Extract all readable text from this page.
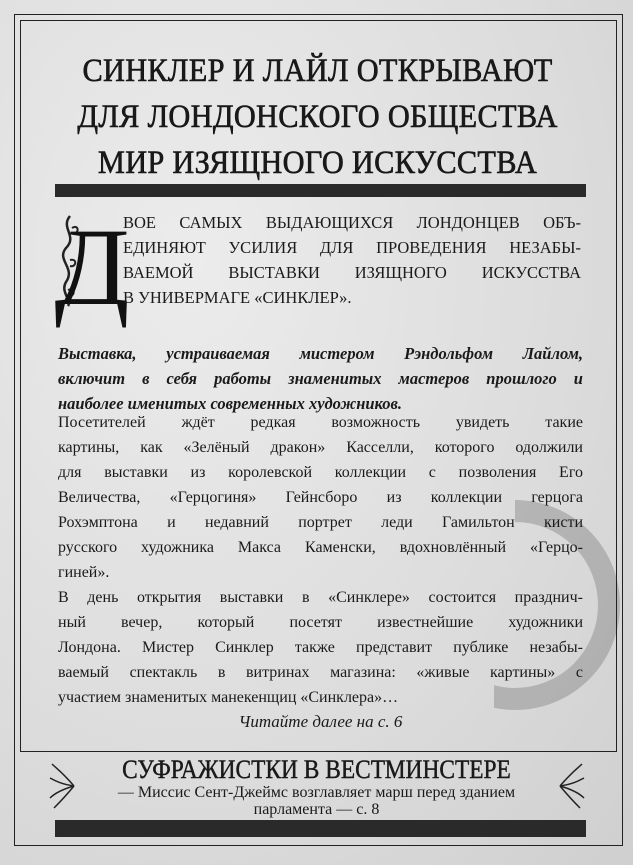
СИНКЛЕР И ЛАЙЛ ОТКРЫВАЮТ
ДЛЯ ЛОНДОНСКОГО ОБЩЕСТВА
МИР ИЗЯЩНОГО ИСКУССТВА
Д
ВОЕ САМЫХ ВЫДАЮЩИХСЯ ЛОНДОНЦЕВ ОБЪ-
ЕДИНЯЮТ УСИЛИЯ ДЛЯ ПРОВЕДЕНИЯ НЕЗАБЫ-
ВАЕМОЙ ВЫСТАВКИ ИЗЯЩНОГО ИСКУССТВА
В УНИВЕРМАГЕ «СИНКЛЕР».
Выставка, устраиваемая мистером Рэндольфом Лайлом,
включит в себя работы знаменитых мастеров прошлого и
наиболее именитых современных художников.
Посетителей ждёт редкая возможность увидеть такие
картины, как «Зелёный дракон» Касселли, которого одолжили
для выставки из королевской коллекции с позволения Его
Величества, «Герцогиня» Гейнсборо из коллекции герцога
Рохэмптона и недавний портрет леди Гамильтон кисти
русского художника Макса Каменски, вдохновлённый «Герцо-
гиней».
В день открытия выставки в «Синклере» состоится празднич-
ный вечер, который посетят известнейшие художники
Лондона. Мистер Синклер также представит публике незабы-
ваемый спектакль в витринах магазина: «живые картины» с
участием знаменитых манекенщиц «Синклера»…
Читайте далее на с. 6
СУФРАЖИСТКИ В ВЕСТМИНСТЕРЕ
— Миссис Сент-Джеймс возглавляет марш перед зданием
парламента — с. 8
